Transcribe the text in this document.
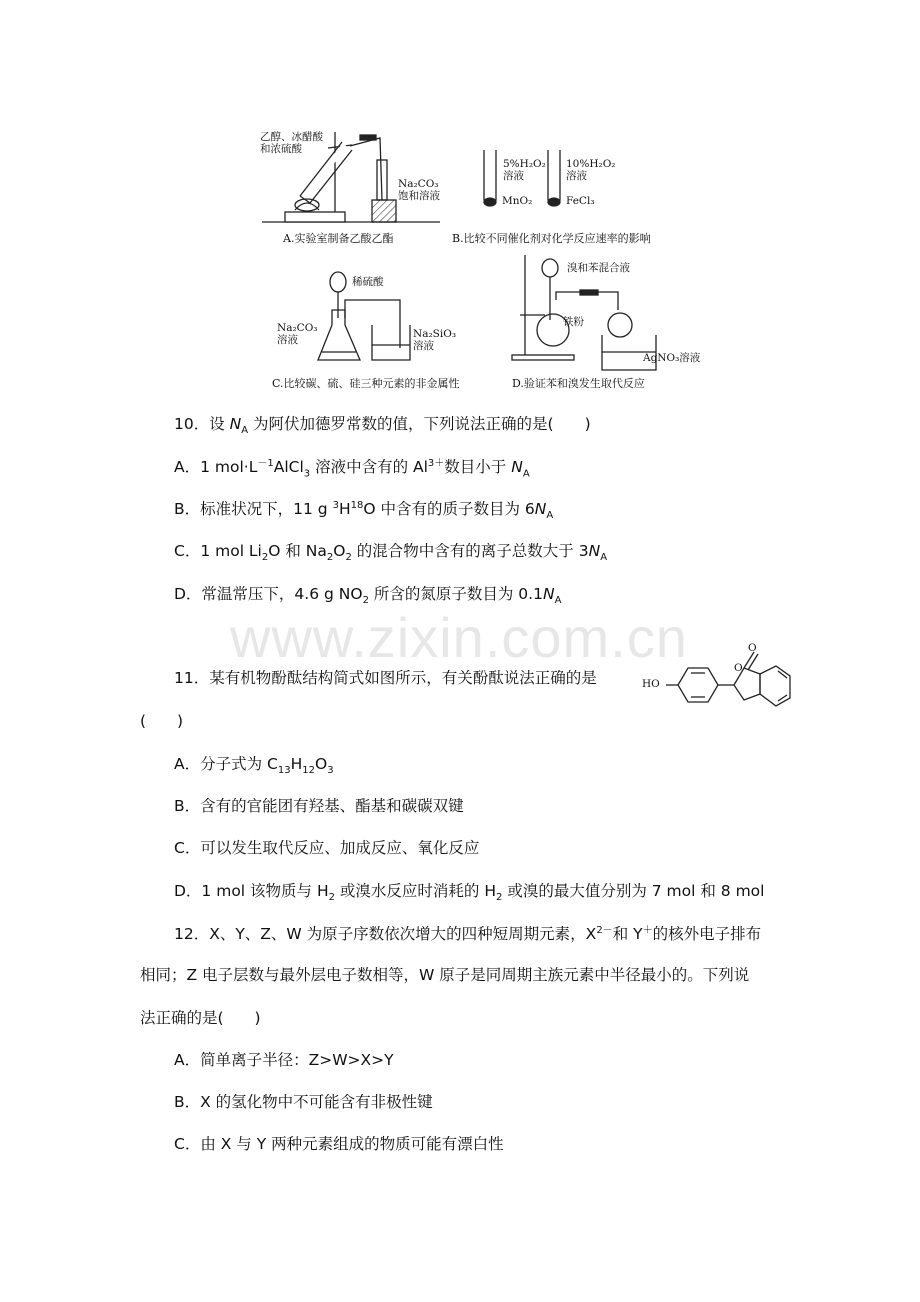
乙醇、冰醋酸
和浓硫酸
Na₂CO₃
饱和溶液
A.实验室制备乙酸乙酯
5%H₂O₂
溶液
MnO₂
10%H₂O₂
溶液
FeCl₃
B.比较不同催化剂对化学反应速率的影响
稀硫酸
Na₂CO₃
溶液	Na₂SiO₃
溶液
C.比较碳、硫、硅三种元素的非金属性
溴和苯混合液
铁粉
AgNO₃溶液
D.验证苯和溴发生取代反应
www.zixin.com.cn
10．设 $N_A$ 为阿伏加德罗常数的值，下列说法正确的是(　　)
A．1 $mol\cdot L^{-1}AlCl_3$ 溶液中含有的 $Al^{3+}$数目小于 $N_A$
B．标准状况下，11 g $^3H^{18}O$ 中含有的质子数目为 $6N_A$
C．1 mol $Li_2O$ 和 $Na_2O_2$ 的混合物中含有的离子总数大于 $3N_A$
D．常温常压下，4.6 g $NO_2$ 所含的氮原子数目为 $0.1N_A$
11．某有机物酚酞结构简式如图所示，有关酚酞说法正确的是
(　　)
HO
O
O
A．分子式为 $C_{13}H_{12}O_3$
B．含有的官能团有羟基、酯基和碳碳双键
C．可以发生取代反应、加成反应、氧化反应
D．1 mol 该物质与 $H_2$ 或溴水反应时消耗的 $H_2$ 或溴的最大值分别为 7 mol 和 8 mol
12．X、Y、Z、W 为原子序数依次增大的四种短周期元素，$X^{2-}$和 Y＋的核外电子排布
相同；Z 电子层数与最外层电子数相等，W 原子是同周期主族元素中半径最小的。下列说
法正确的是(　　)
A．简单离子半径：Z>W>X>Y
B．X 的氢化物中不可能含有非极性键
C．由 X 与 Y 两种元素组成的物质可能有漂白性
